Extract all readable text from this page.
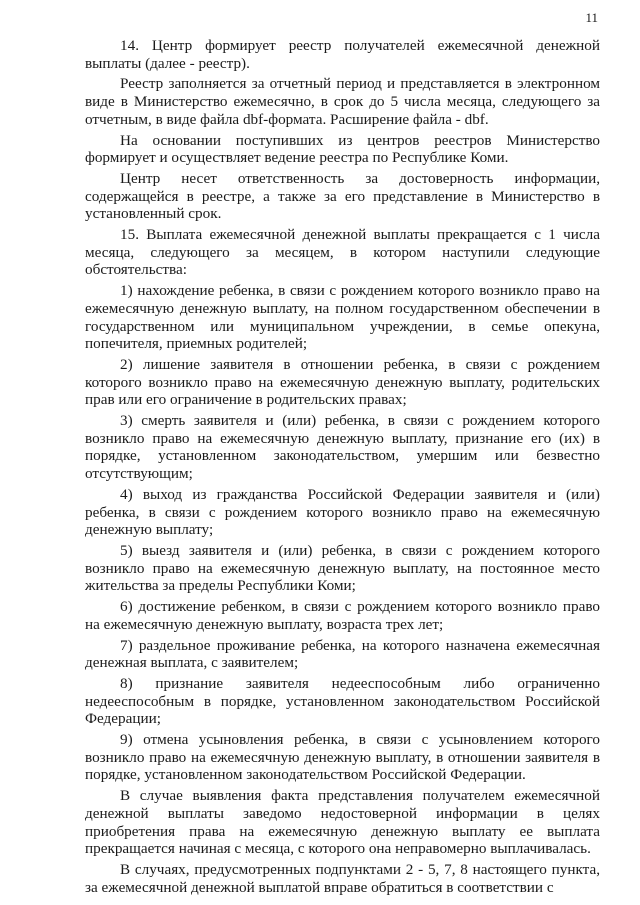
11

14. Центр формирует реестр получателей ежемесячной денежной выплаты (далее - реестр).

Реестр заполняется за отчетный период и представляется в электронном виде в Министерство ежемесячно, в срок до 5 числа месяца, следующего за отчетным, в виде файла dbf-формата. Расширение файла - dbf.

На основании поступивших из центров реестров Министерство формирует и осуществляет ведение реестра по Республике Коми.

Центр несет ответственность за достоверность информации, содержащейся в реестре, а также за его представление в Министерство в установленный срок.

15. Выплата ежемесячной денежной выплаты прекращается с 1 числа месяца, следующего за месяцем, в котором наступили следующие обстоятельства:

1) нахождение ребенка, в связи с рождением которого возникло право на ежемесячную денежную выплату, на полном государственном обеспечении в государственном или муниципальном учреждении, в семье опекуна, попечителя, приемных родителей;

2) лишение заявителя в отношении ребенка, в связи с рождением которого возникло право на ежемесячную денежную выплату, родительских прав или его ограничение в родительских правах;

3) смерть заявителя и (или) ребенка, в связи с рождением которого возникло право на ежемесячную денежную выплату, признание его (их) в порядке, установленном законодательством, умершим или безвестно отсутствующим;

4) выход из гражданства Российской Федерации заявителя и (или) ребенка, в связи с рождением которого возникло право на ежемесячную денежную выплату;

5) выезд заявителя и (или) ребенка, в связи с рождением которого возникло право на ежемесячную денежную выплату, на постоянное место жительства за пределы Республики Коми;

6) достижение ребенком, в связи с рождением которого возникло право на ежемесячную денежную выплату, возраста трех лет;

7) раздельное проживание ребенка, на которого назначена ежемесячная денежная выплата, с заявителем;

8) признание заявителя недееспособным либо ограниченно недееспособным в порядке, установленном законодательством Российской Федерации;

9) отмена усыновления ребенка, в связи с усыновлением которого возникло право на ежемесячную денежную выплату, в отношении заявителя в порядке, установленном законодательством Российской Федерации.

В случае выявления факта представления получателем ежемесячной денежной выплаты заведомо недостоверной информации в целях приобретения права на ежемесячную денежную выплату ее выплата прекращается начиная с месяца, с которого она неправомерно выплачивалась.

В случаях, предусмотренных подпунктами 2 - 5, 7, 8 настоящего пункта, за ежемесячной денежной выплатой вправе обратиться в соответствии с
